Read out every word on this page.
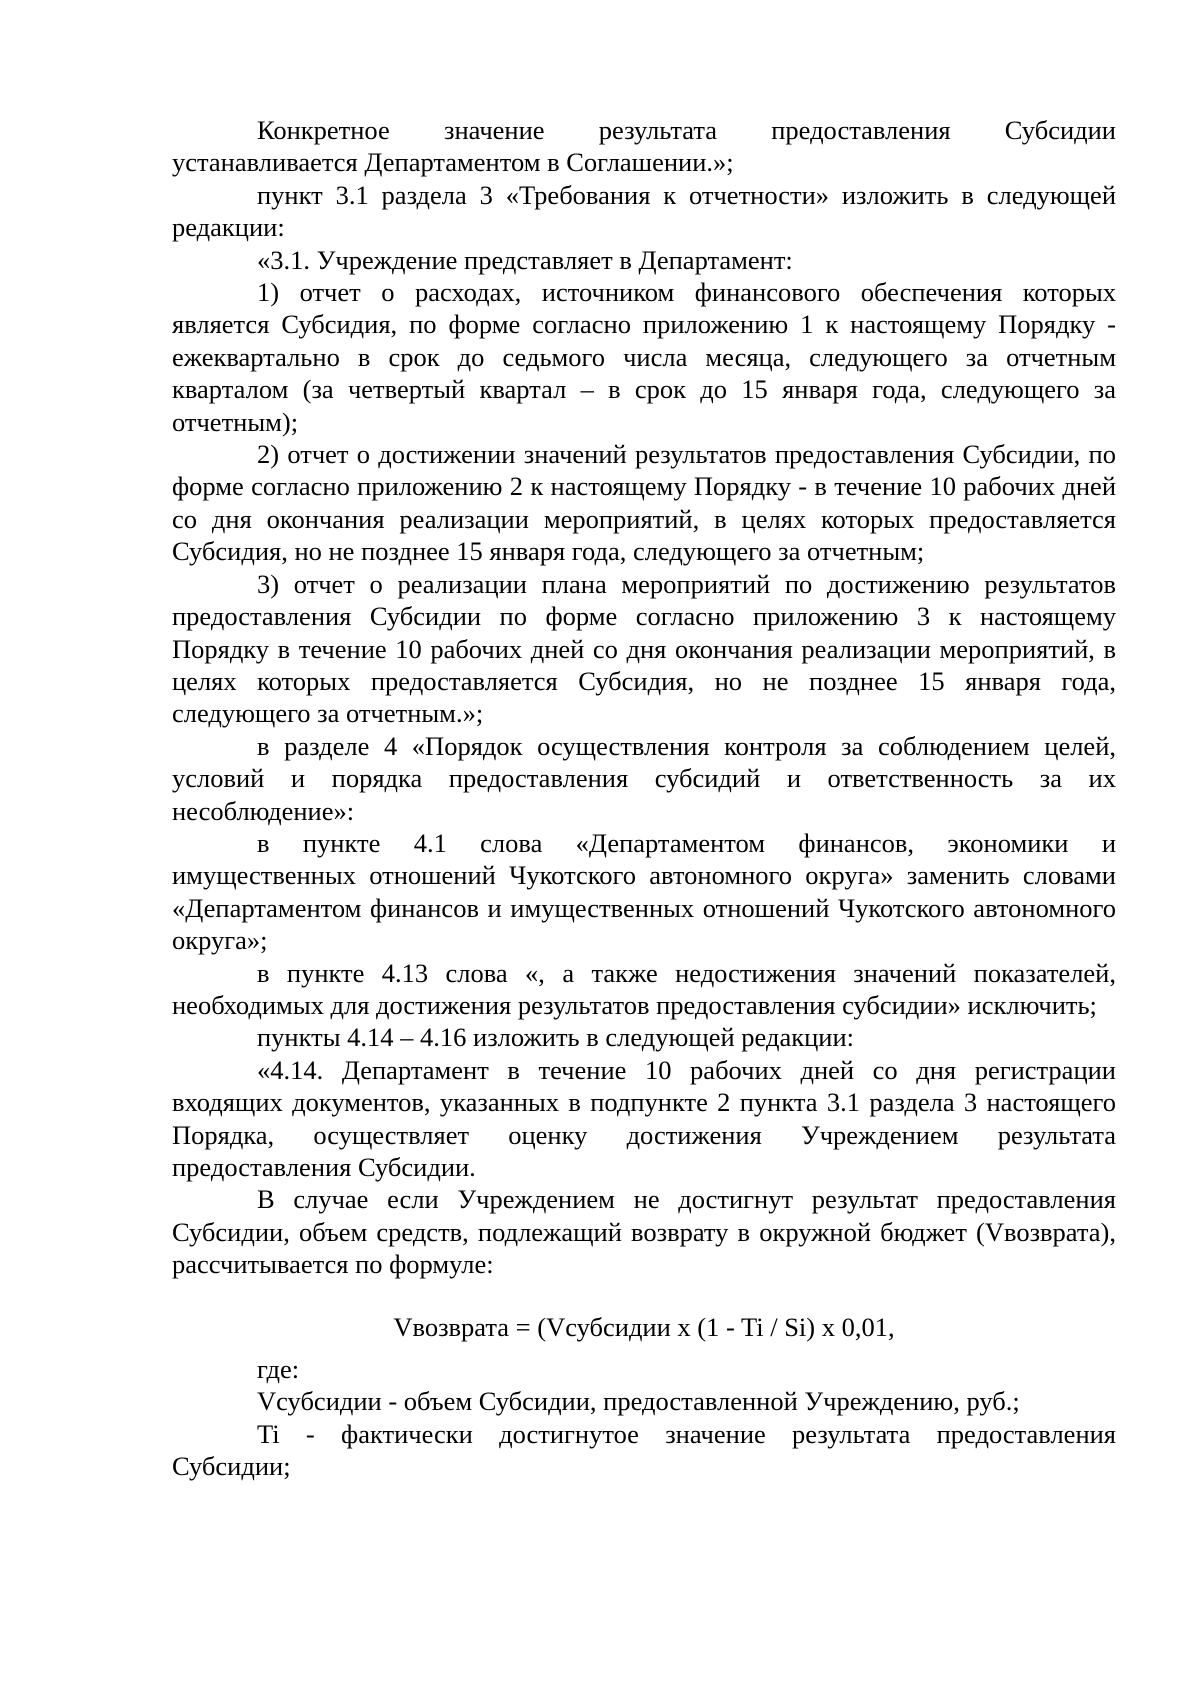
Конкретное значение результата предоставления Субсидии устанавливается Департаментом в Соглашении.»;

пункт 3.1 раздела 3 «Требования к отчетности» изложить в следующей редакции:

«3.1. Учреждение представляет в Департамент:

1) отчет о расходах, источником финансового обеспечения которых является Субсидия, по форме согласно приложению 1 к настоящему Порядку - ежеквартально в срок до седьмого числа месяца, следующего за отчетным кварталом (за четвертый квартал – в срок до 15 января года, следующего за отчетным);

2) отчет о достижении значений результатов предоставления Субсидии, по форме согласно приложению 2 к настоящему Порядку - в течение 10 рабочих дней со дня окончания реализации мероприятий, в целях которых предоставляется Субсидия, но не позднее 15 января года, следующего за отчетным;

3) отчет о реализации плана мероприятий по достижению результатов предоставления Субсидии по форме согласно приложению 3 к настоящему Порядку в течение 10 рабочих дней со дня окончания реализации мероприятий, в целях которых предоставляется Субсидия, но не позднее 15 января года, следующего за отчетным.»;

в разделе 4 «Порядок осуществления контроля за соблюдением целей, условий и порядка предоставления субсидий и ответственность за их несоблюдение»:

в пункте 4.1 слова «Департаментом финансов, экономики и имущественных отношений Чукотского автономного округа» заменить словами «Департаментом финансов и имущественных отношений Чукотского автономного округа»;

в пункте 4.13 слова «, а также недостижения значений показателей, необходимых для достижения результатов предоставления субсидии» исключить;

пункты 4.14 – 4.16 изложить в следующей редакции:

«4.14. Департамент в течение 10 рабочих дней со дня регистрации входящих документов, указанных в подпункте 2 пункта 3.1 раздела 3 настоящего Порядка, осуществляет оценку достижения Учреждением результата предоставления Субсидии.

В случае если Учреждением не достигнут результат предоставления Субсидии, объем средств, подлежащий возврату в окружной бюджет (Vвозврата), рассчитывается по формуле:

Vвозврата = (Vсубсидии x (1 - Ti / Si) x 0,01,

где:

Vсубсидии - объем Субсидии, предоставленной Учреждению, руб.;

Ti - фактически достигнутое значение результата предоставления Субсидии;
